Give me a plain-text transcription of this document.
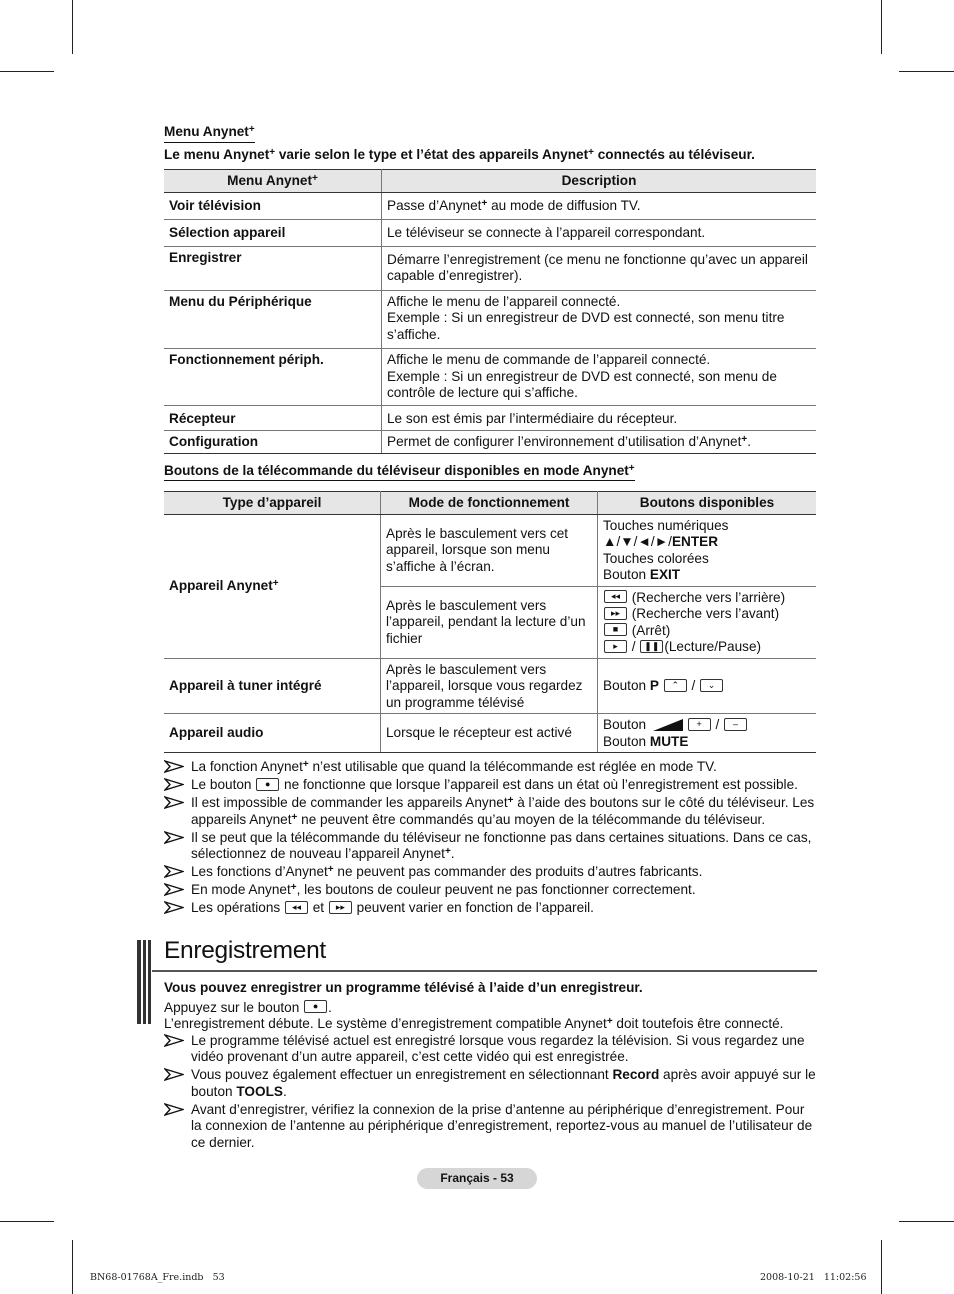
Menu Anynet+
Le menu Anynet+ varie selon le type et l’état des appareils Anynet+ connectés au téléviseur.
Menu Anynet+	Description
Voir télévision	Passe d’Anynet+ au mode de diffusion TV.
Sélection appareil	Le téléviseur se connecte à l’appareil correspondant.
Enregistrer	Démarre l’enregistrement (ce menu ne fonctionne qu’avec un appareil capable d’enregistrer).
Menu du Périphérique	Affiche le menu de l’appareil connecté.
Exemple : Si un enregistreur de DVD est connecté, son menu titre s’affiche.

Fonctionnement périph.	Affiche le menu de commande de l’appareil connecté.
Exemple : Si un enregistreur de DVD est connecté, son menu de contrôle de lecture qui s’affiche.

Récepteur	Le son est émis par l’intermédiaire du récepteur.
Configuration	Permet de configurer l’environnement d’utilisation d’Anynet+.
Boutons de la télécommande du téléviseur disponibles en mode Anynet+
Type d’appareil	Mode de fonctionnement	Boutons disponibles
Appareil Anynet+	Après le basculement vers cet appareil, lorsque son menu s’affiche à l’écran.	Touches numériques
▲/▼/◄/►/ENTER
Touches colorées
Bouton EXIT

	Après le basculement vers l’appareil, pendant la lecture d’un fichier	◂◂ (Recherche vers l’arrière)
▸▸ (Recherche vers l’avant)
■ (Arrêt)
▸ / ❚❚ (Lecture/Pause)

Appareil à tuner intégré	Après le basculement vers l’appareil, lorsque vous regardez un programme télévisé	Bouton P ⌃ / ⌄
Appareil audio	Lorsque le récepteur est activé	Bouton + / –
Bouton MUTE
La fonction Anynet+ n’est utilisable que quand la télécommande est réglée en mode TV.
Le bouton ● ne fonctionne que lorsque l’appareil est dans un état où l’enregistrement est possible.
Il est impossible de commander les appareils Anynet+ à l’aide des boutons sur le côté du téléviseur. Les appareils Anynet+ ne peuvent être commandés qu’au moyen de la télécommande du téléviseur.
Il se peut que la télécommande du téléviseur ne fonctionne pas dans certaines situations. Dans ce cas, sélectionnez de nouveau l’appareil Anynet+.
Les fonctions d’Anynet+ ne peuvent pas commander des produits d’autres fabricants.
En mode Anynet+, les boutons de couleur peuvent ne pas fonctionner correctement.
Les opérations ◂◂ et ▸▸ peuvent varier en fonction de l’appareil.
Enregistrement
Vous pouvez enregistrer un programme télévisé à l’aide d’un enregistreur.
Appuyez sur le bouton ● .
L’enregistrement débute. Le système d’enregistrement compatible Anynet+ doit toutefois être connecté.
Le programme télévisé actuel est enregistré lorsque vous regardez la télévision. Si vous regardez une vidéo provenant d’un autre appareil, c’est cette vidéo qui est enregistrée.
Vous pouvez également effectuer un enregistrement en sélectionnant Record après avoir appuyé sur le bouton TOOLS.
Avant d’enregistrer, vérifiez la connexion de la prise d’antenne au périphérique d’enregistrement. Pour la connexion de l’antenne au périphérique d’enregistrement, reportez-vous au manuel de l’utilisateur de ce dernier.
Français - 53
BN68-01768A_Fre.indb   53	2008-10-21   11:02:56
